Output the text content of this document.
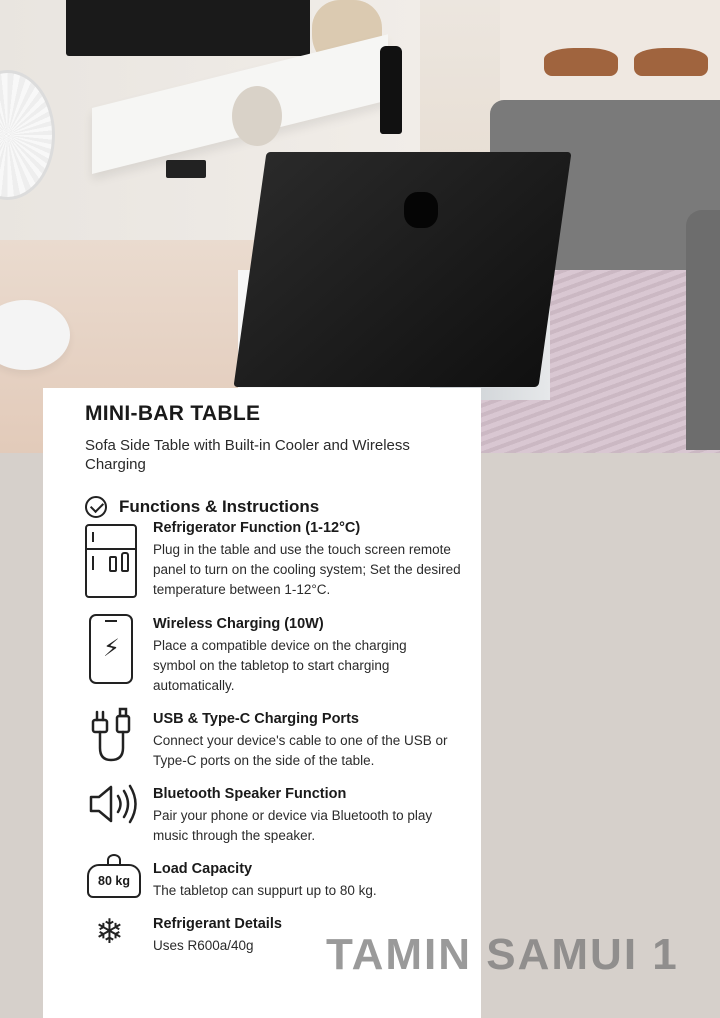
MINI-BAR TABLE
Sofa Side Table with Built-in Cooler and Wireless Charging
Functions & Instructions
Refrigerator Function (1-12°C)
Plug in the table and use the touch screen remote panel to turn on the cooling system; Set the desired temperature between 1-12°C.
⚡
Wireless Charging (10W)
Place a compatible device on the charging symbol on the tabletop to start charging automatically.
USB & Type-C Charging Ports
Connect your device's cable to one of the USB or Type-C ports on the side of the table.
Bluetooth Speaker Function
Pair your phone or device via Bluetooth to play music through the speaker.
80 kg
Load Capacity
The tabletop can suppurt up to 80 kg.
❄ Refrigerant Details
Uses R600a/40g	TAMIN SAMUI 1
